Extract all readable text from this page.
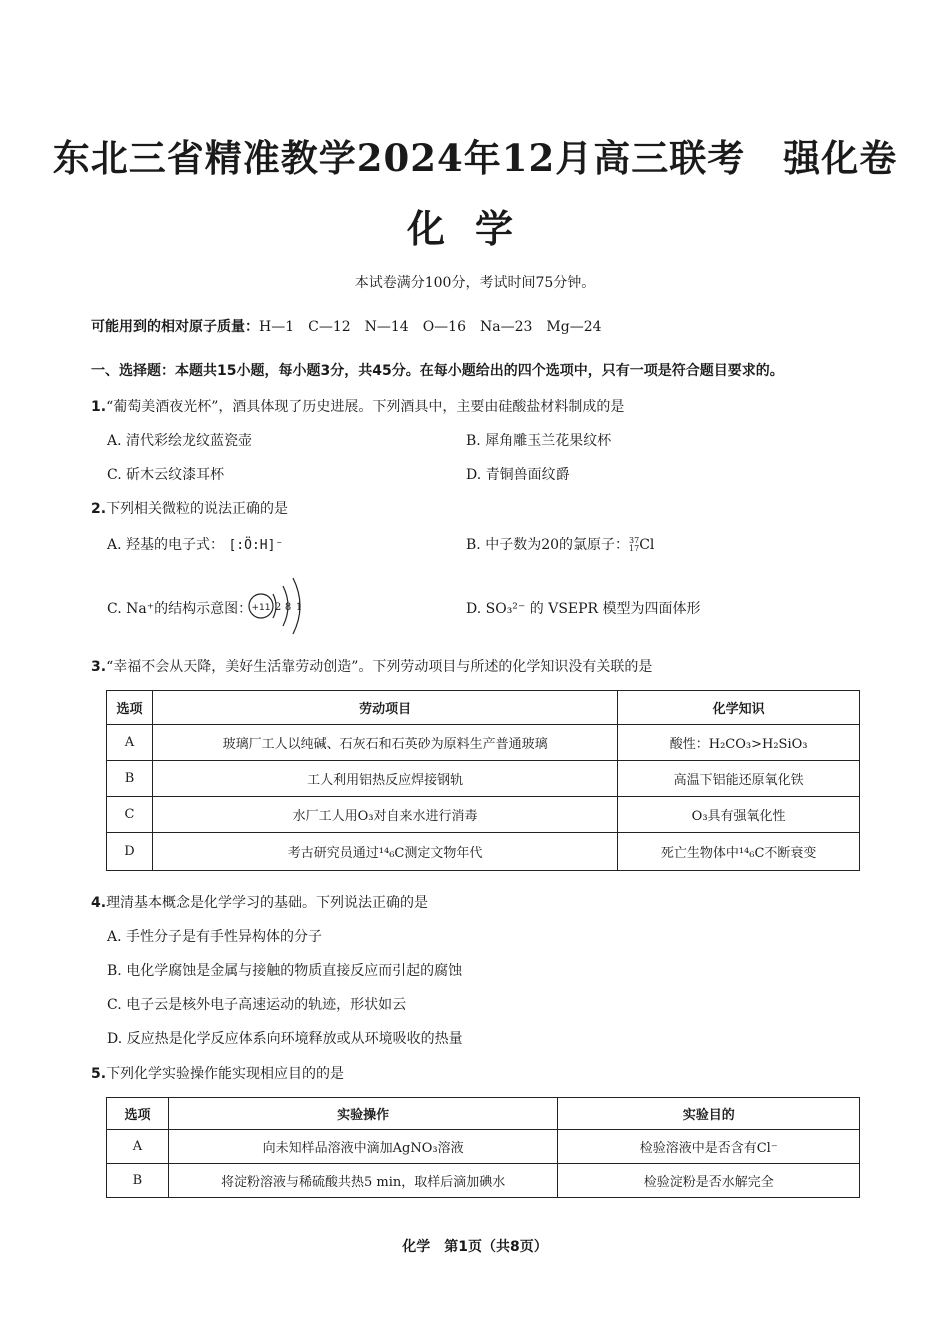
东北三省精准教学2024年12月高三联考　强化卷
化学
本试卷满分100分，考试时间75分钟。
可能用到的相对原子质量：H—1　C—12　N—14　O—16　Na—23　Mg—24
一、选择题：本题共15小题，每小题3分，共45分。在每小题给出的四个选项中，只有一项是符合题目要求的。
1.“葡萄美酒夜光杯”，酒具体现了历史进展。下列酒具中，主要由硅酸盐材料制成的是
A. 清代彩绘龙纹蓝瓷壶	B. 犀角雕玉兰花果纹杯
C. 斫木云纹漆耳杯	D. 青铜兽面纹爵
2.下列相关微粒的说法正确的是
A. 羟基的电子式： [:Ö:H]⁻	B. 中子数为20的氯原子：37
17Cl
C. Na⁺的结构示意图： +11 2 8 1	D. SO₃²⁻ 的 VSEPR 模型为四面体形
3.“幸福不会从天降，美好生活靠劳动创造”。下列劳动项目与所述的化学知识没有关联的是
选项	劳动项目	化学知识
A	玻璃厂工人以纯碱、石灰石和石英砂为原料生产普通玻璃	酸性：H₂CO₃>H₂SiO₃
B	工人利用铝热反应焊接钢轨	高温下铝能还原氧化铁
C	水厂工人用O₃对自来水进行消毒	O₃具有强氧化性
D	考古研究员通过¹⁴₆C测定文物年代	死亡生物体中¹⁴₆C不断衰变
4.理清基本概念是化学学习的基础。下列说法正确的是
A. 手性分子是有手性异构体的分子
B. 电化学腐蚀是金属与接触的物质直接反应而引起的腐蚀
C. 电子云是核外电子高速运动的轨迹，形状如云
D. 反应热是化学反应体系向环境释放或从环境吸收的热量
5.下列化学实验操作能实现相应目的的是
选项	实验操作	实验目的
A	向未知样品溶液中滴加AgNO₃溶液	检验溶液中是否含有Cl⁻
B	将淀粉溶液与稀硫酸共热5 min，取样后滴加碘水	检验淀粉是否水解完全
化学　第1页（共8页）
